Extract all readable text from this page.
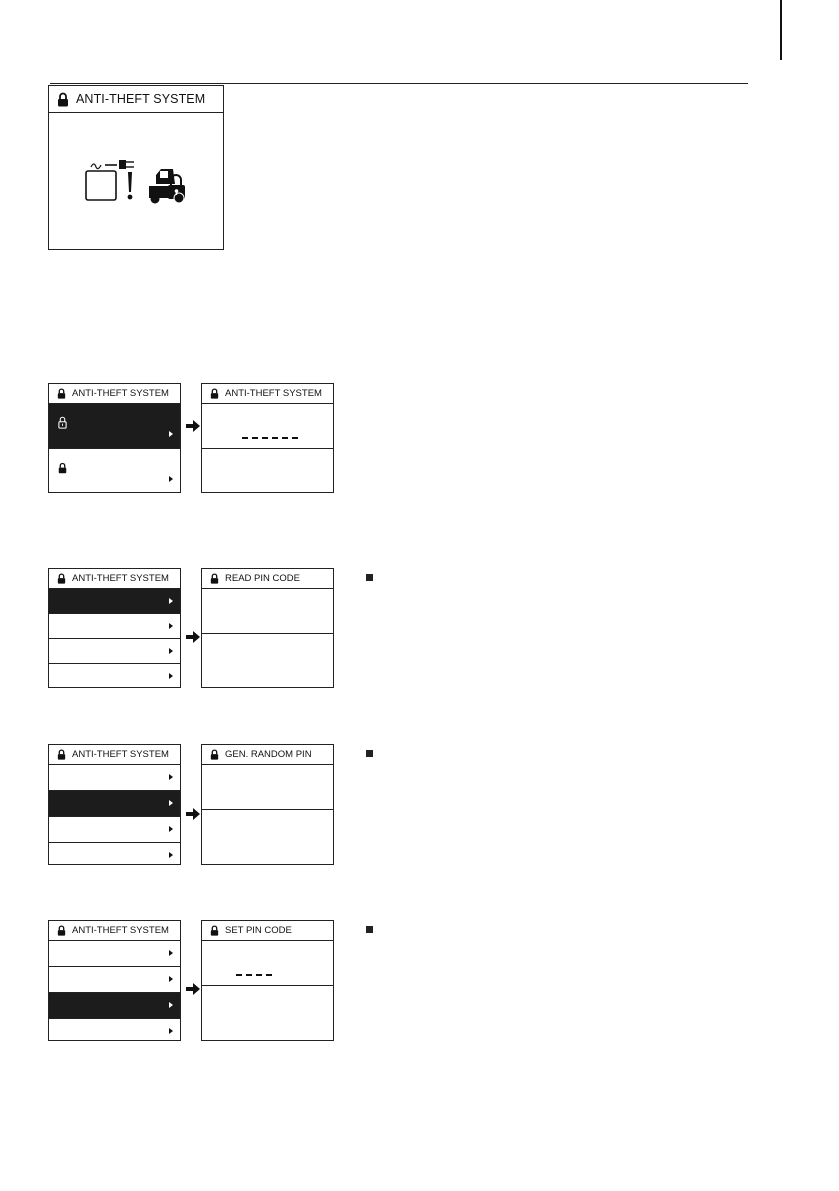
ANTI-THEFT SYSTEM
ANTI-THEFT SYSTEM	ANTI-THEFT SYSTEM
ANTI-THEFT SYSTEM	READ PIN CODE
ANTI-THEFT SYSTEM	GEN. RANDOM PIN
ANTI-THEFT SYSTEM	SET PIN CODE
